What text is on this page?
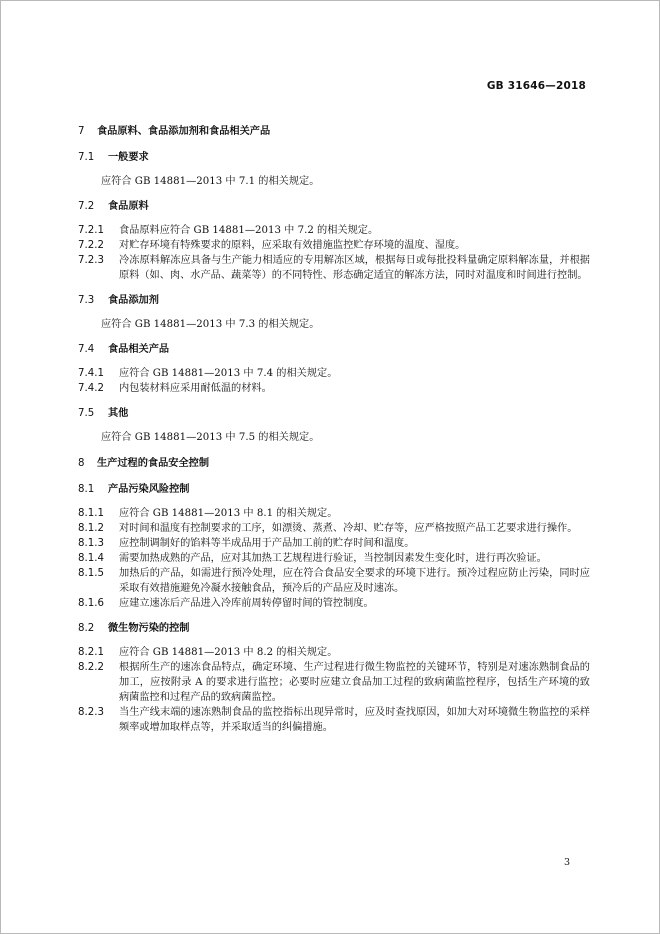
GB 31646—2018
7 食品原料、食品添加剂和食品相关产品
7.1 一般要求
应符合 GB 14881—2013 中 7.1 的相关规定。
7.2 食品原料
7.2.1 食品原料应符合 GB 14881—2013 中 7.2 的相关规定。
7.2.2 对贮存环境有特殊要求的原料，应采取有效措施监控贮存环境的温度、湿度。
7.2.3 冷冻原料解冻应具备与生产能力相适应的专用解冻区域，根据每日或每批投料量确定原料解冻量，并根据原料（如、肉、水产品、蔬菜等）的不同特性、形态确定适宜的解冻方法，同时对温度和时间进行控制。
7.3 食品添加剂
应符合 GB 14881—2013 中 7.3 的相关规定。
7.4 食品相关产品
7.4.1 应符合 GB 14881—2013 中 7.4 的相关规定。
7.4.2 内包装材料应采用耐低温的材料。
7.5 其他
应符合 GB 14881—2013 中 7.5 的相关规定。
8 生产过程的食品安全控制
8.1 产品污染风险控制
8.1.1 应符合 GB 14881—2013 中 8.1 的相关规定。
8.1.2 对时间和温度有控制要求的工序，如漂烫、蒸煮、冷却、贮存等，应严格按照产品工艺要求进行操作。
8.1.3 应控制调制好的馅料等半成品用于产品加工前的贮存时间和温度。
8.1.4 需要加热成熟的产品，应对其加热工艺规程进行验证，当控制因素发生变化时，进行再次验证。
8.1.5 加热后的产品，如需进行预冷处理，应在符合食品安全要求的环境下进行。预冷过程应防止污染，同时应采取有效措施避免冷凝水接触食品，预冷后的产品应及时速冻。
8.1.6 应建立速冻后产品进入冷库前周转停留时间的管控制度。
8.2 微生物污染的控制
8.2.1 应符合 GB 14881—2013 中 8.2 的相关规定。
8.2.2 根据所生产的速冻食品特点，确定环境、生产过程进行微生物监控的关键环节，特别是对速冻熟制食品的加工，应按附录 A 的要求进行监控；必要时应建立食品加工过程的致病菌监控程序，包括生产环境的致病菌监控和过程产品的致病菌监控。
8.2.3 当生产线末端的速冻熟制食品的监控指标出现异常时，应及时查找原因，如加大对环境微生物监控的采样频率或增加取样点等，并采取适当的纠偏措施。
3
